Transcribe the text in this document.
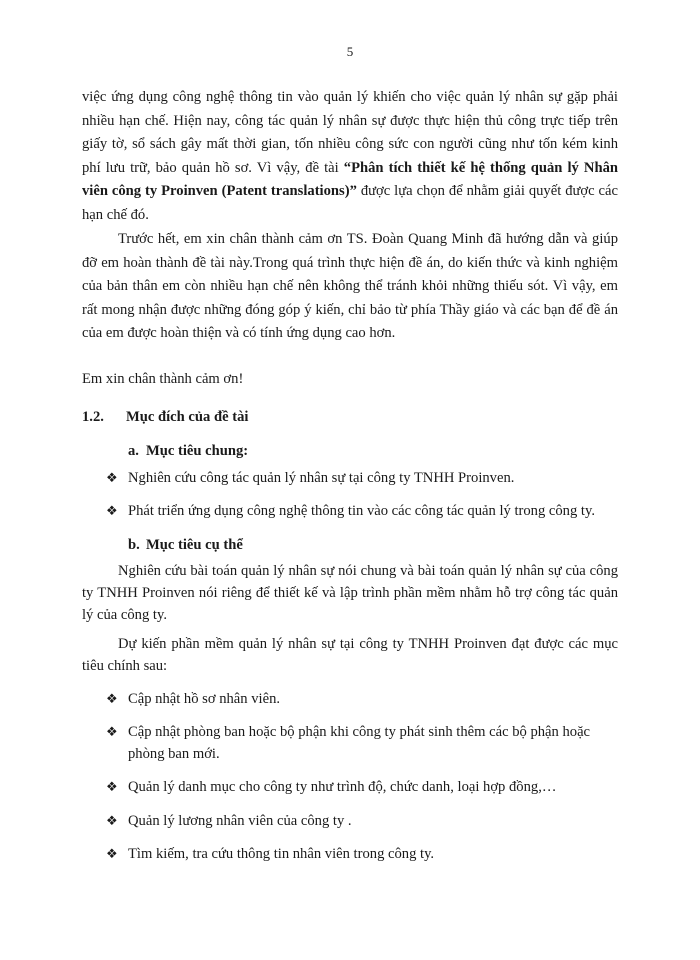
5
việc ứng dụng công nghệ thông tin vào quản lý khiến cho việc quản lý nhân sự gặp phải nhiều hạn chế. Hiện nay, công tác quản lý nhân sự được thực hiện thủ công trực tiếp trên giấy tờ, sổ sách gây mất thời gian, tốn nhiều công sức con người cũng như tốn kém kinh phí lưu trữ, bảo quản hồ sơ. Vì vậy, đề tài “Phân tích thiết kế hệ thống quản lý Nhân viên công ty Proinven (Patent translations)” được lựa chọn để nhằm giải quyết được các hạn chế đó.
Trước hết, em xin chân thành cảm ơn TS. Đoàn Quang Minh đã hướng dẫn và giúp đỡ em hoàn thành đề tài này.Trong quá trình thực hiện đề án, do kiến thức và kinh nghiệm của bản thân em còn nhiều hạn chế nên không thể tránh khỏi những thiếu sót. Vì vậy, em rất mong nhận được những đóng góp ý kiến, chỉ bảo từ phía Thầy giáo và các bạn để đề án của em được hoàn thiện và có tính ứng dụng cao hơn.
Em xin chân thành cảm ơn!
1.2. Mục đích của đề tài
a. Mục tiêu chung:
❖ Nghiên cứu công tác quản lý nhân sự tại công ty TNHH Proinven.
❖ Phát triển ứng dụng công nghệ thông tin vào các công tác quản lý trong công ty.
b. Mục tiêu cụ thể
Nghiên cứu bài toán quản lý nhân sự nói chung và bài toán quản lý nhân sự của công ty TNHH Proinven nói riêng để thiết kế và lập trình phần mềm nhằm hỗ trợ công tác quản lý của công ty.
Dự kiến phần mềm quản lý nhân sự tại công ty TNHH Proinven đạt được các mục tiêu chính sau:
❖ Cập nhật hồ sơ nhân viên.
❖ Cập nhật phòng ban hoặc bộ phận khi công ty phát sinh thêm các bộ phận hoặc
phòng ban mới.
❖ Quản lý danh mục cho công ty như trình độ, chức danh, loại hợp đồng,…
❖ Quản lý lương nhân viên của công ty .
❖ Tìm kiếm, tra cứu thông tin nhân viên trong công ty.
